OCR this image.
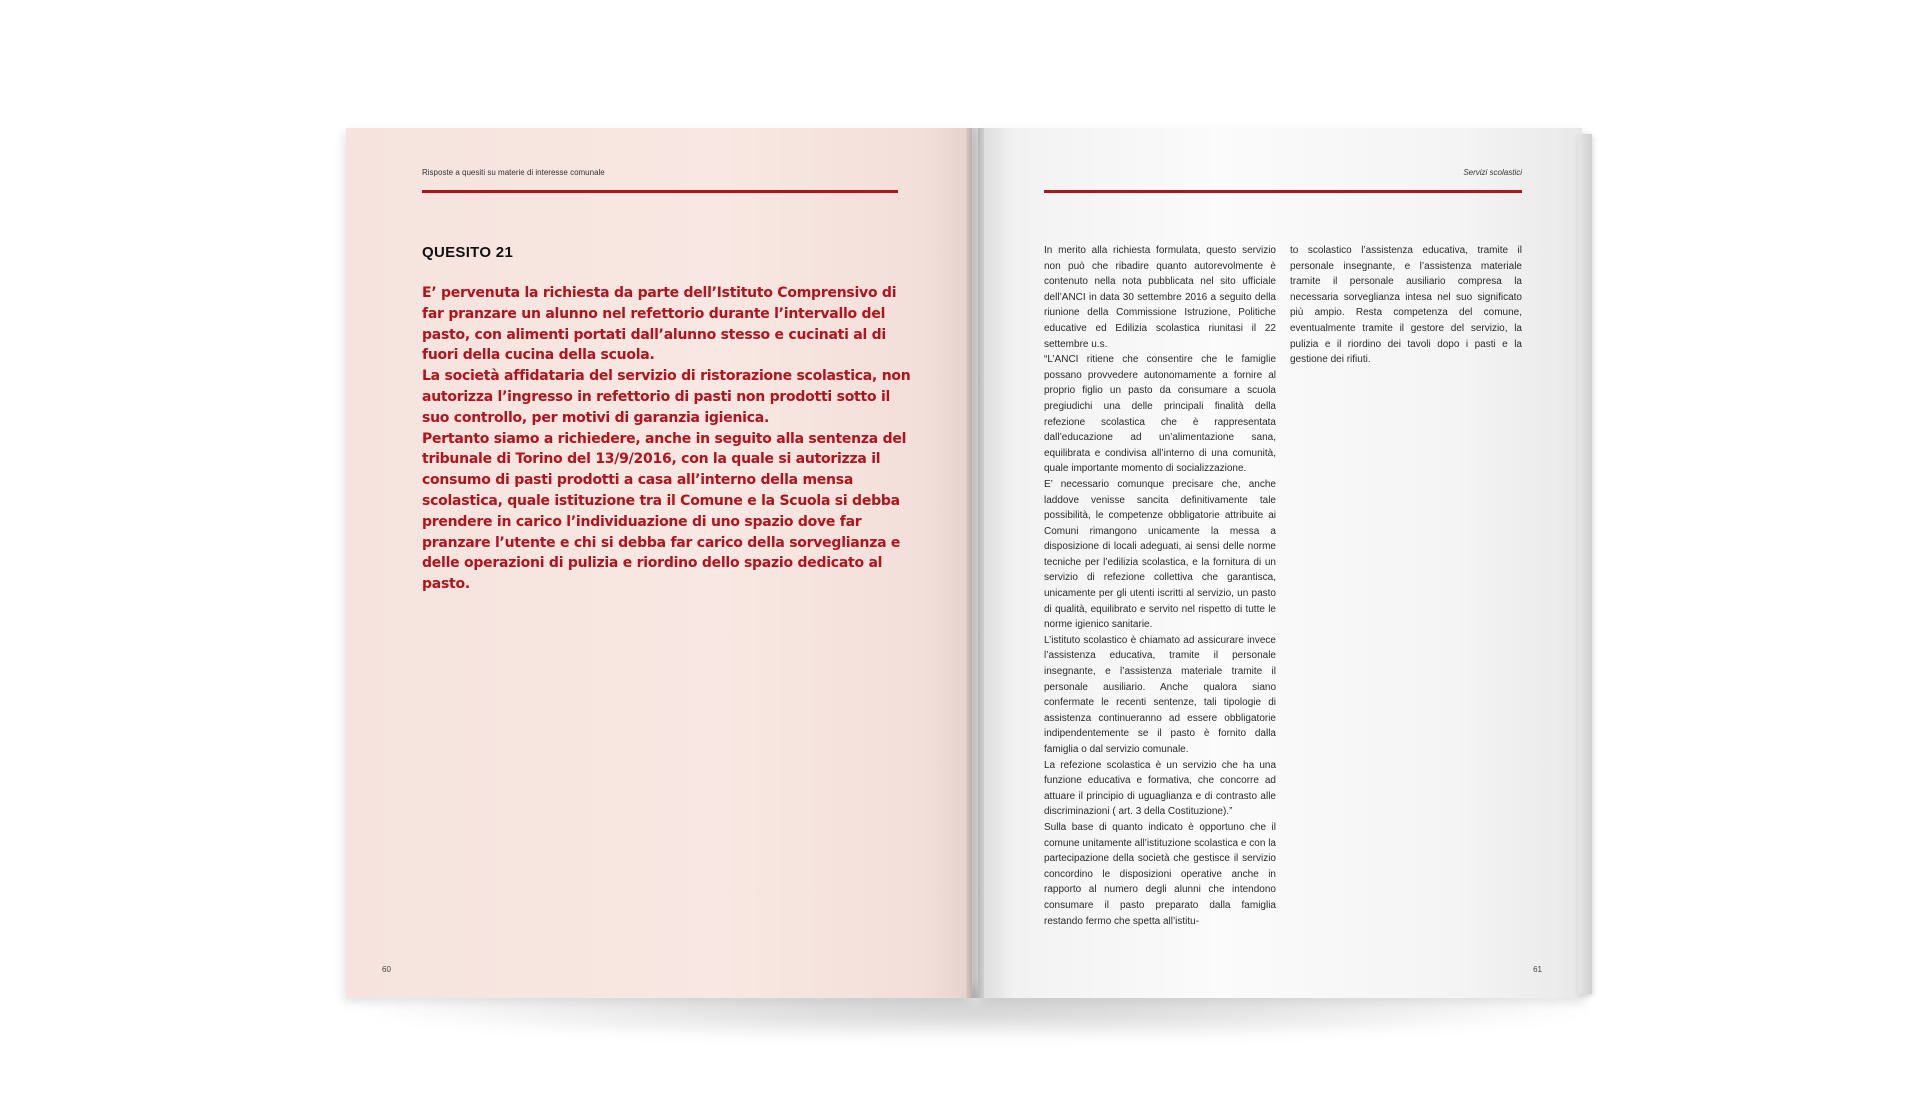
Risposte a quesiti su materie di interesse comunale
QUESITO 21

E’ pervenuta la richiesta da parte dell’Istituto Comprensivo di far pranzare un alunno nel refettorio durante l’intervallo del pasto, con alimenti portati dall’alunno stesso e cucinati al di fuori della cucina della scuola.

La società affidataria del servizio di ristorazione scolastica, non autorizza l’ingresso in refettorio di pasti non prodotti sotto il suo controllo, per motivi di garanzia igienica.

Pertanto siamo a richiedere, anche in seguito alla sentenza del tribunale di Torino del 13/9/2016, con la quale si autorizza il consumo di pasti prodotti a casa all’interno della mensa scolastica, quale istituzione tra il Comune e la Scuola si debba prendere in carico l’individuazione di uno spazio dove far pranzare l’utente e chi si debba far carico della sorveglianza e delle operazioni di pulizia e riordino dello spazio dedicato al pasto.

60
Servizi scolastici

In merito alla richiesta formulata, questo servizio non può che ribadire quanto autorevolmente è contenuto nella nota pubblicata nel sito ufficiale dell’ANCI in data 30 settembre 2016 a seguito della riunione della Commissione Istruzione, Politiche educative ed Edilizia scolastica riunitasi il 22 settembre u.s.

“L’ANCI ritiene che consentire che le famiglie possano provvedere autonomamente a fornire al proprio figlio un pasto da consumare a scuola pregiudichi una delle principali finalità della refezione scolastica che è rappresentata dall’educazione ad un’alimentazione sana, equilibrata e condivisa all’interno di una comunità, quale importante momento di socializzazione.

E’ necessario comunque precisare che, anche laddove venisse sancita definitivamente tale possibilità, le competenze obbligatorie attribuite ai Comuni rimangono unicamente la messa a disposizione di locali adeguati, ai sensi delle norme tecniche per l’edilizia scolastica, e la fornitura di un servizio di refezione collettiva che garantisca, unicamente per gli utenti iscritti al servizio, un pasto di qualità, equilibrato e servito nel rispetto di tutte le norme igienico sanitarie.

L’istituto scolastico è chiamato ad assicurare invece l’assistenza educativa, tramite il personale insegnante, e l’assistenza materiale tramite il personale ausiliario. Anche qualora siano confermate le recenti sentenze, tali tipologie di assistenza continueranno ad essere obbligatorie indipendentemente se il pasto è fornito dalla famiglia o dal servizio comunale.

La refezione scolastica è un servizio che ha una funzione educativa e formativa, che concorre ad attuare il principio di uguaglianza e di contrasto alle discriminazioni ( art. 3 della Costituzione).”

Sulla base di quanto indicato è opportuno che il comune unitamente all’istituzione scolastica e con la partecipazione della società che gestisce il servizio concordino le disposizioni operative anche in rapporto al numero degli alunni che intendono consumare il pasto preparato dalla famiglia restando fermo che spetta all’istitu-

to scolastico l’assistenza educativa, tramite il personale insegnante, e l’assistenza materiale tramite il personale ausiliario compresa la necessaria sorveglianza intesa nel suo significato più ampio. Resta competenza del comune, eventualmente tramite il gestore del servizio, la pulizia e il riordino dei tavoli dopo i pasti e la gestione dei rifiuti.

61
